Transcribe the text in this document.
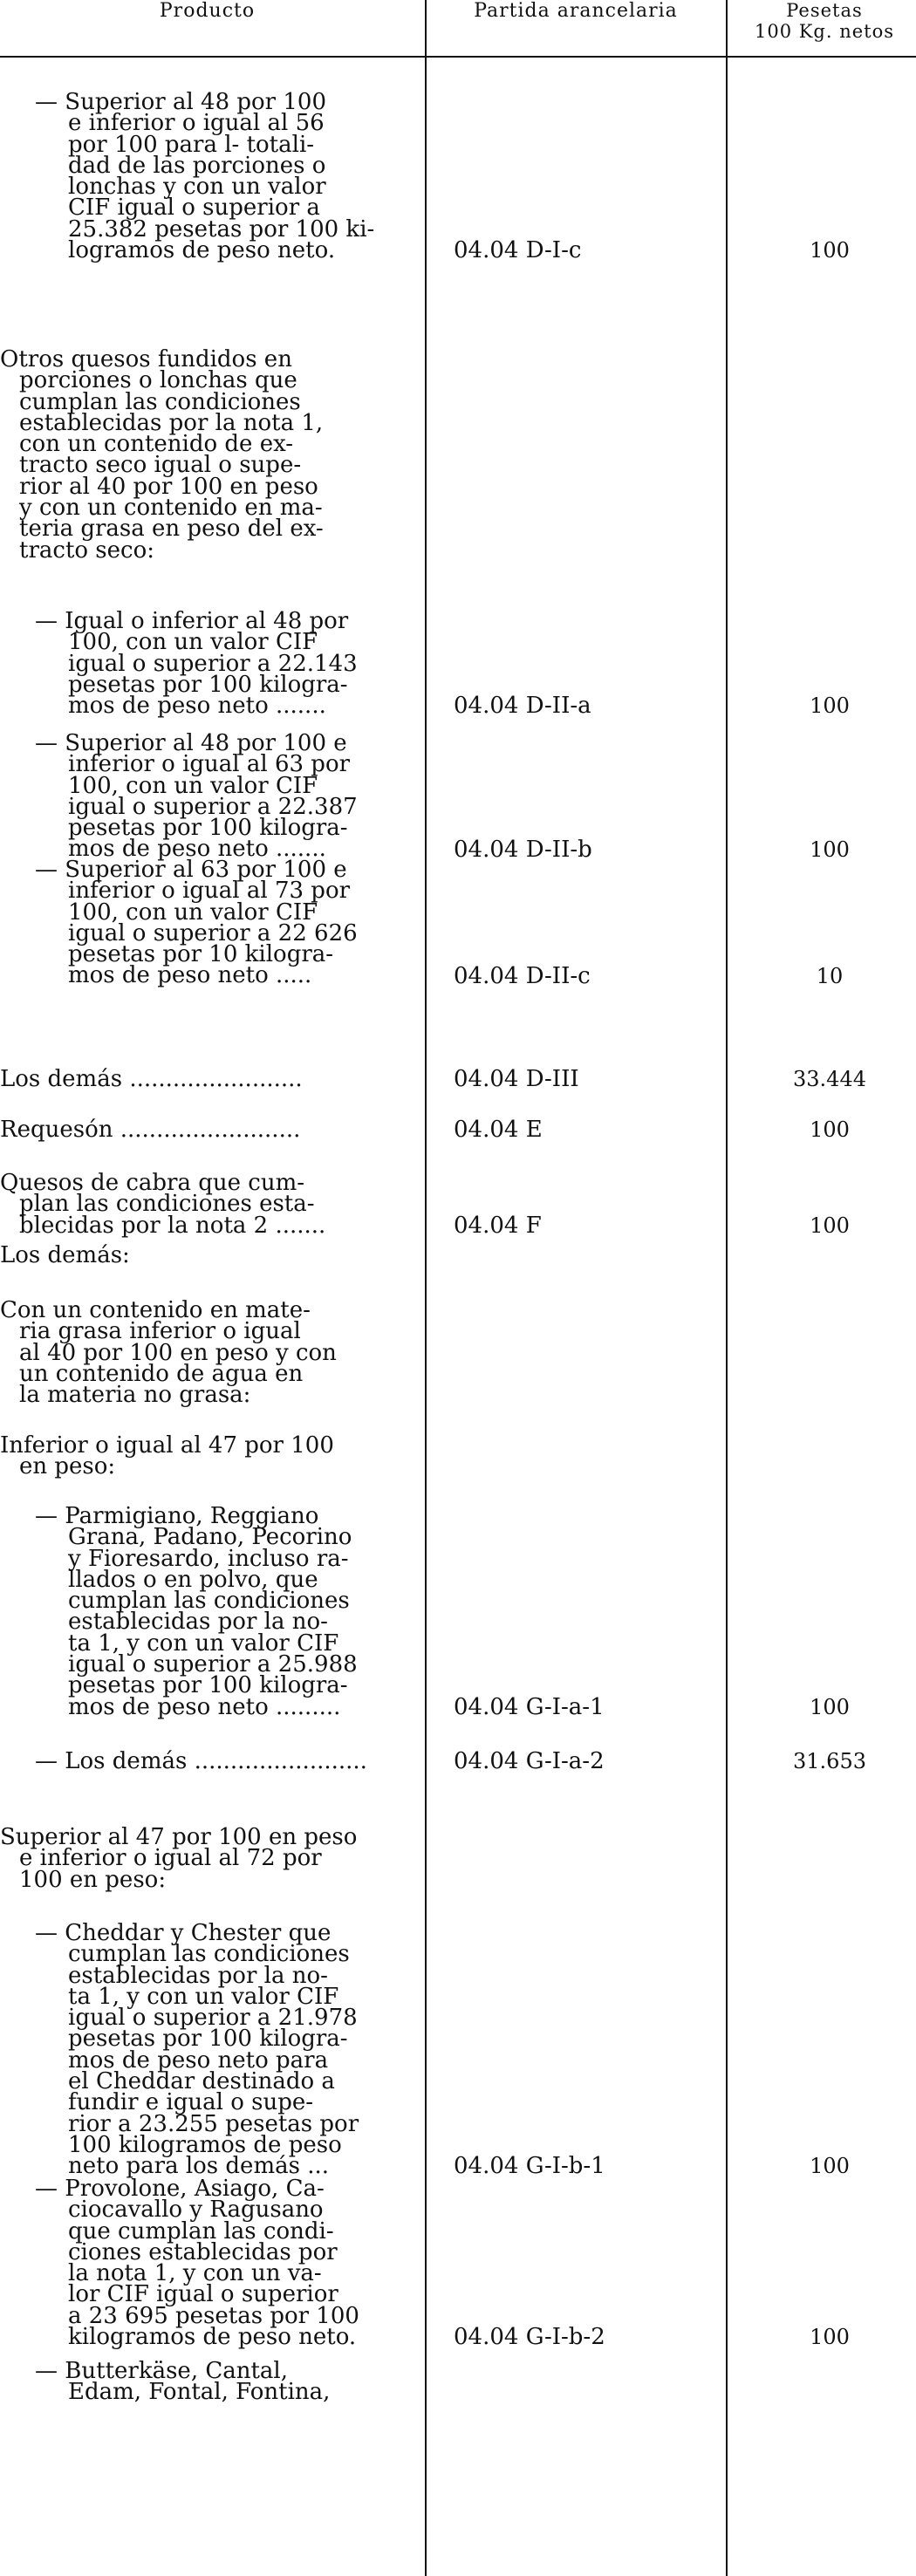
Producto	Partida arancelaria	Pesetas
100 Kg. netos
— Superior al 48 por 100
e inferior o igual al 56
por 100 para l- totali-
dad de las porciones o
lonchas y con un valor
CIF igual o superior a
25.382 pesetas por 100 ki-
logramos de peso neto.	04.04 D-I-c	100
Otros quesos fundidos en
porciones o lonchas que
cumplan las condiciones
establecidas por la nota 1,
con un contenido de ex-
tracto seco igual o supe-
rior al 40 por 100 en peso
y con un contenido en ma-
teria grasa en peso del ex-
tracto seco:
— Igual o inferior al 48 por
100, con un valor CIF
igual o superior a 22.143
pesetas por 100 kilogra-
mos de peso neto .......	04.04 D-II-a	100
— Superior al 48 por 100 e
inferior o igual al 63 por
100, con un valor CIF
igual o superior a 22.387
pesetas por 100 kilogra-
mos de peso neto .......	04.04 D-II-b	100
— Superior al 63 por 100 e
inferior o igual al 73 por
100, con un valor CIF
igual o superior a 22 626
pesetas por 10 kilogra-
mos de peso neto .....	04.04 D-II-c	10
Los demás ........................	04.04 D-III	33.444
Requesón .........................	04.04 E	100
Quesos de cabra que cum-
plan las condiciones esta-
blecidas por la nota 2 .......	04.04 F	100
Los demás:
Con un contenido en mate-
ria grasa inferior o igual
al 40 por 100 en peso y con
un contenido de agua en
la materia no grasa:
Inferior o igual al 47 por 100
en peso:
— Parmigiano, Reggiano
Grana, Padano, Pecorino
y Fioresardo, incluso ra-
llados o en polvo, que
cumplan las condiciones
establecidas por la no-
ta 1, y con un valor CIF
igual o superior a 25.988
pesetas por 100 kilogra-
mos de peso neto .........	04.04 G-I-a-1	100
— Los demás ........................	04.04 G-I-a-2	31.653
Superior al 47 por 100 en peso
e inferior o igual al 72 por
100 en peso:
— Cheddar y Chester que
cumplan las condiciones
establecidas por la no-
ta 1, y con un valor CIF
igual o superior a 21.978
pesetas por 100 kilogra-
mos de peso neto para
el Cheddar destinado a
fundir e igual o supe-
rior a 23.255 pesetas por
100 kilogramos de peso
neto para los demás ...	04.04 G-I-b-1	100
— Provolone, Asiago, Ca-
ciocavallo y Ragusano
que cumplan las condi-
ciones establecidas por
la nota 1, y con un va-
lor CIF igual o superior
a 23 695 pesetas por 100
kilogramos de peso neto.	04.04 G-I-b-2	100
— Butterkäse, Cantal,
Edam, Fontal, Fontina,
